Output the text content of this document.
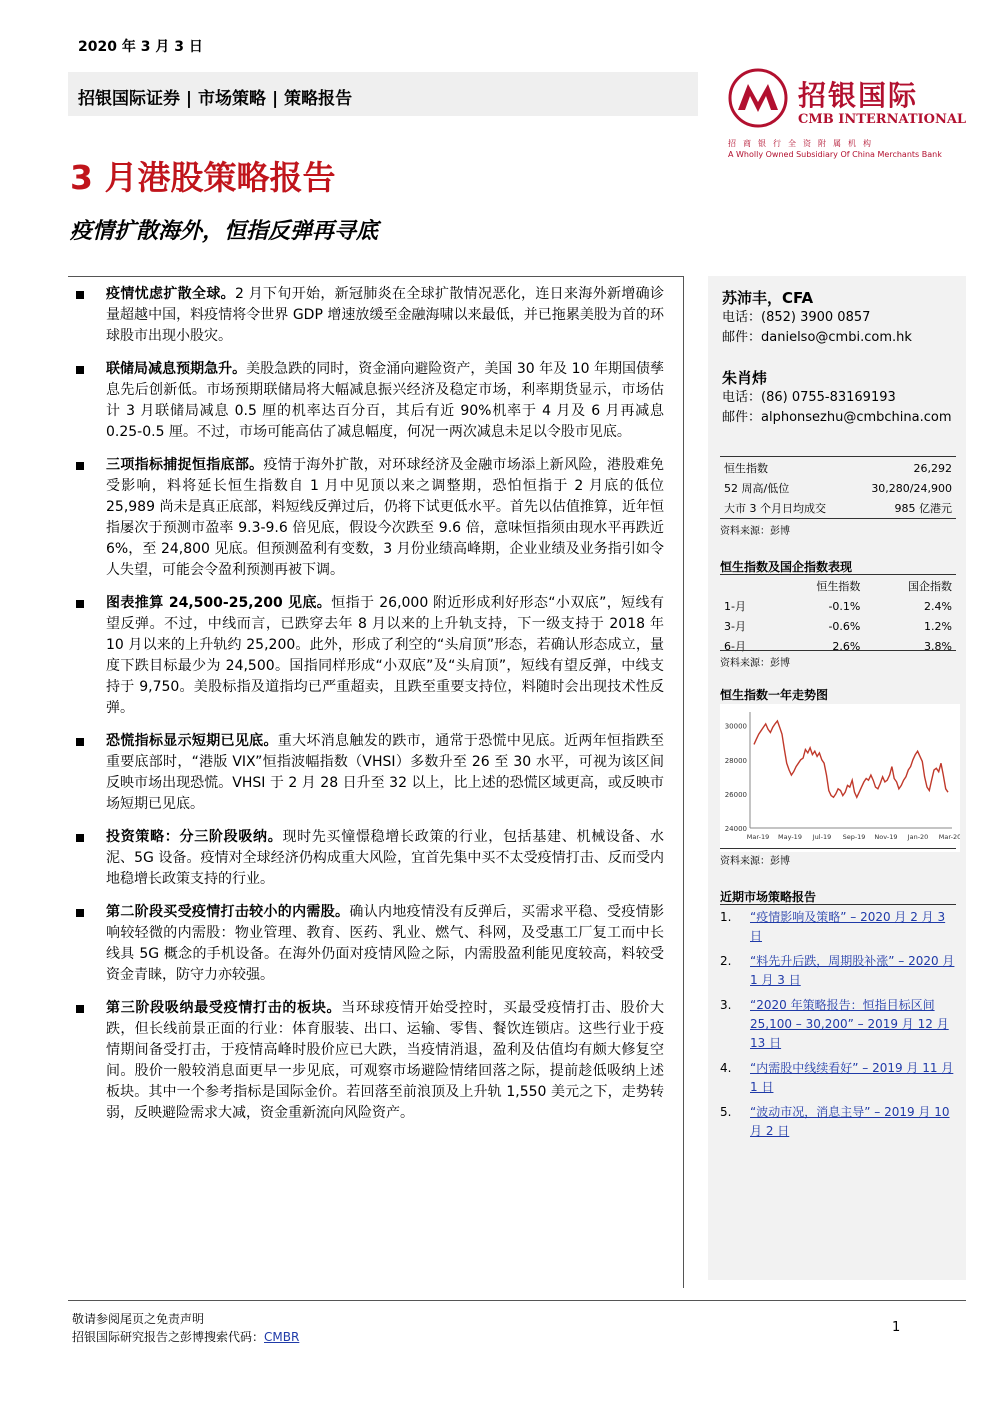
2020 年 3 月 3 日
招银国际证券 | 市场策略 | 策略报告	招银国际
CMB INTERNATIONAL
招商银行全资附属机构
A Wholly Owned Subsidiary Of China Merchants Bank
3 月港股策略报告
疫情扩散海外，恒指反弹再寻底
疫情忧虑扩散全球。2 月下旬开始，新冠肺炎在全球扩散情况恶化，连日来海外新增确诊量超越中国，料疫情将令世界 GDP 增速放缓至金融海啸以来最低，并已拖累美股为首的环球股市出现小股灾。
联储局减息预期急升。美股急跌的同时，资金涌向避险资产，美国 30 年及 10 年期国债孳息先后创新低。市场预期联储局将大幅减息振兴经济及稳定市场，利率期货显示，市场估计 3 月联储局减息 0.5 厘的机率达百分百，其后有近 90%机率于 4 月及 6 月再减息 0.25-0.5 厘。不过，市场可能高估了减息幅度，何况一两次减息未足以令股市见底。
三项指标捕捉恒指底部。疫情于海外扩散，对环球经济及金融市场添上新风险，港股难免受影响，料将延长恒生指数自 1 月中见顶以来之调整期，恐怕恒指于 2 月底的低位 25,989 尚未是真正底部，料短线反弹过后，仍将下试更低水平。首先以估值推算，近年恒指屡次于预测市盈率 9.3-9.6 倍见底，假设今次跌至 9.6 倍，意味恒指须由现水平再跌近 6%，至 24,800 见底。但预测盈利有变数，3 月份业绩高峰期，企业业绩及业务指引如令人失望，可能会令盈利预测再被下调。
图表推算 24,500-25,200 见底。恒指于 26,000 附近形成利好形态“小双底”，短线有望反弹。不过，中线而言，已跌穿去年 8 月以来的上升轨支持，下一级支持于 2018 年 10 月以来的上升轨约 25,200。此外，形成了利空的“头肩顶”形态，若确认形态成立，量度下跌目标最少为 24,500。国指同样形成“小双底”及“头肩顶”，短线有望反弹，中线支持于 9,750。美股标指及道指均已严重超卖，且跌至重要支持位，料随时会出现技术性反弹。
恐慌指标显示短期已见底。重大坏消息触发的跌市，通常于恐慌中见底。近两年恒指跌至重要底部时，“港版 VIX”恒指波幅指数（VHSI）多数升至 26 至 30 水平，可视为该区间反映市场出现恐慌。VHSI 于 2 月 28 日升至 32 以上，比上述的恐慌区域更高，或反映市场短期已见底。
投资策略：分三阶段吸纳。现时先买憧憬稳增长政策的行业，包括基建、机械设备、水泥、5G 设备。疫情对全球经济仍构成重大风险，宜首先集中买不太受疫情打击、反而受内地稳增长政策支持的行业。
第二阶段买受疫情打击较小的内需股。确认内地疫情没有反弹后，买需求平稳、受疫情影响较轻微的内需股：物业管理、教育、医药、乳业、燃气、科网，及受惠工厂复工而中长线具 5G 概念的手机设备。在海外仍面对疫情风险之际，内需股盈利能见度较高，料较受资金青睐，防守力亦较强。
第三阶段吸纳最受疫情打击的板块。当环球疫情开始受控时，买最受疫情打击、股价大跌，但长线前景正面的行业：体育服装、出口、运输、零售、餐饮连锁店。这些行业于疫情期间备受打击，于疫情高峰时股价应已大跌，当疫情消退，盈利及估值均有颇大修复空间。股价一般较消息面更早一步见底，可观察市场避险情绪回落之际，提前趁低吸纳上述板块。其中一个参考指标是国际金价。若回落至前浪顶及上升轨 1,550 美元之下，走势转弱，反映避险需求大减，资金重新流向风险资产。
苏沛丰，CFA
电话：(852) 3900 0857
邮件：danielso@cmbi.com.hk
朱肖炜
电话：(86) 0755-83169193
邮件：alphonsezhu@cmbchina.com
恒生指数	26,292
52 周高/低位	30,280/24,900
大市 3 个月日均成交	985 亿港元
资料来源：彭博
恒生指数及国企指数表现
	恒生指数	国企指数
1-月	-0.1%	2.4%
3-月	-0.6%	1.2%
6-月	2.6%	3.8%
资料来源：彭博
恒生指数一年走势图
24000
26000
28000
30000
Mar-19 May-19 Jul-19 Sep-19 Nov-19 Jan-20 Mar-20
资料来源：彭博
近期市场策略报告
1. “疫情影响及策略” – 2020 月 2 月 3 日
2. “料先升后跌，周期股补涨” – 2020 月 1 月 3 日
3. “2020 年策略报告：恒指目标区间 25,100 – 30,200” – 2019 月 12 月 13 日
4. “内需股中线续看好” – 2019 月 11 月 1 日
5. “波动市况，消息主导” – 2019 月 10 月 2 日
敬请参阅尾页之免责声明
招银国际研究报告之彭博搜索代码：CMBR
1
